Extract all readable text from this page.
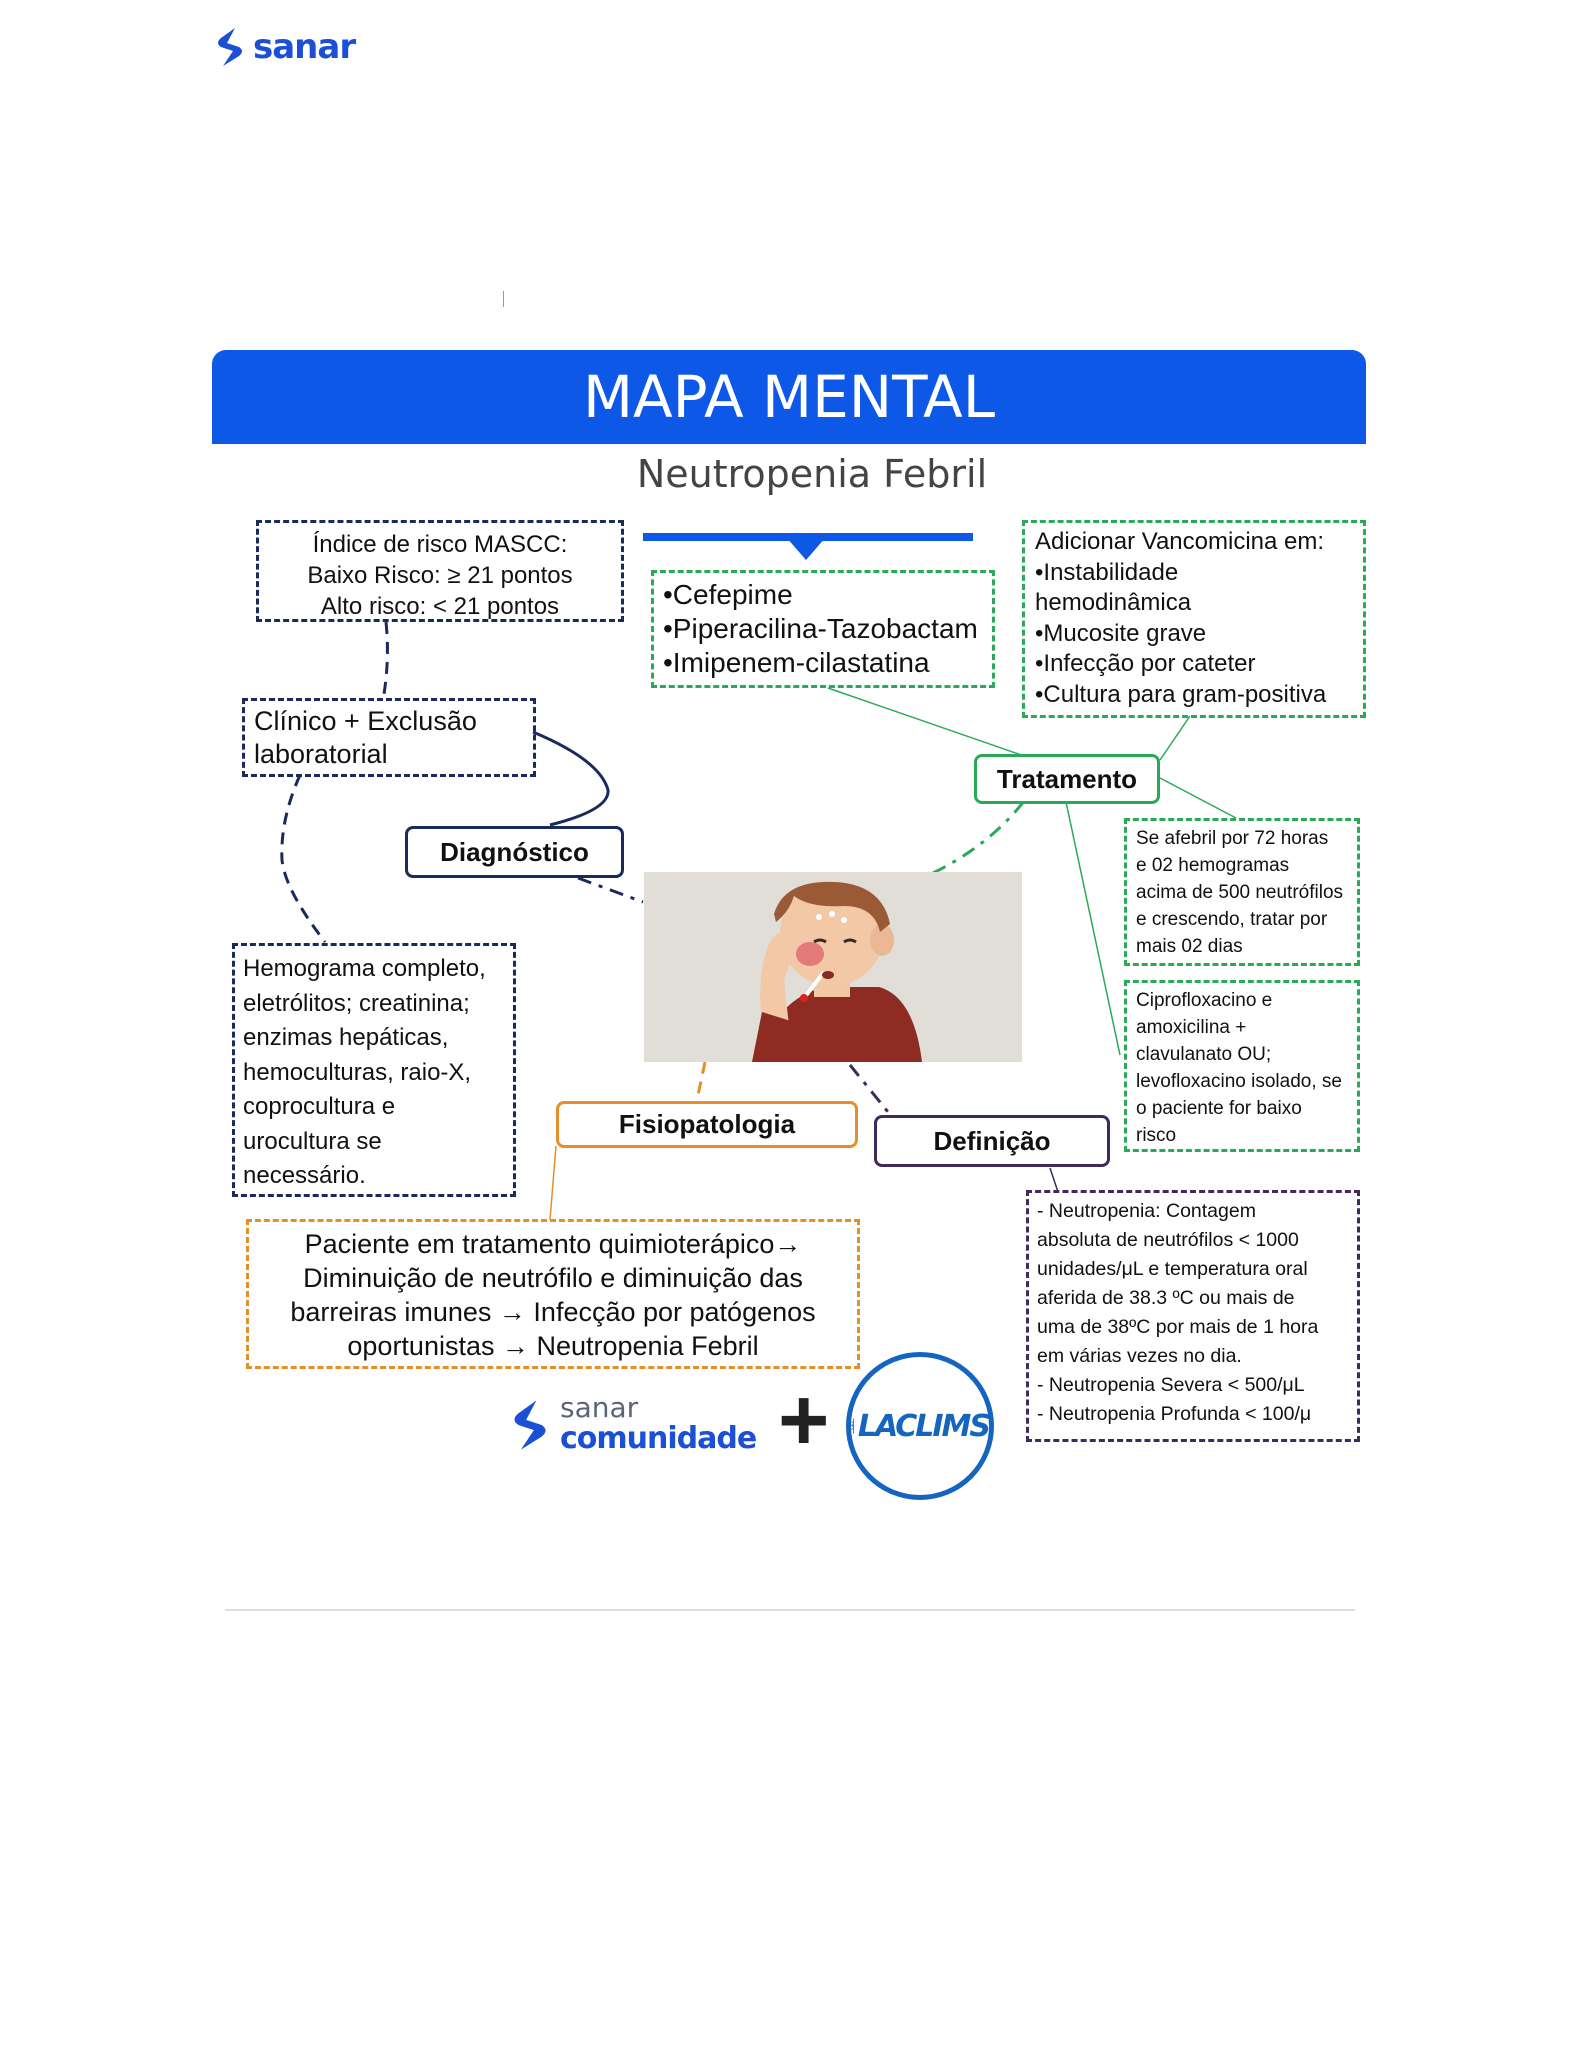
sanar
MAPA MENTAL
Neutropenia Febril
Índice de risco MASCC:
Baixo Risco: ≥ 21 pontos
Alto risco: < 21 pontos
Clínico + Exclusão
laboratorial
Diagnóstico
Hemograma completo,
eletrólitos; creatinina;
enzimas hepáticas,
hemoculturas, raio-X,
coprocultura e
urocultura se
necessário.
•Cefepime
•Piperacilina-Tazobactam
•Imipenem-cilastatina
Adicionar Vancomicina em:
•Instabilidade
hemodinâmica
•Mucosite grave
•Infecção por cateter
•Cultura para gram-positiva
Tratamento
Se afebril por 72 horas
e 02 hemogramas
acima de 500 neutrófilos
e crescendo, tratar por
mais 02 dias
Ciprofloxacino e
amoxicilina +
clavulanato OU;
levofloxacino isolado, se
o paciente for baixo
risco
Fisiopatologia
Definição
Paciente em tratamento quimioterápico→
Diminuição de neutrófilo e diminuição das
barreiras imunes → Infecção por patógenos
oportunistas → Neutropenia Febril
- Neutropenia: Contagem
absoluta de neutrófilos < 1000
unidades/μL e temperatura oral
aferida de 38.3 ºC ou mais de
uma de 38ºC por mais de 1 hora
em várias vezes no dia.
- Neutropenia Severa < 500/μL
- Neutropenia Profunda < 100/μ
sanar
comunidade + LACLIMS
